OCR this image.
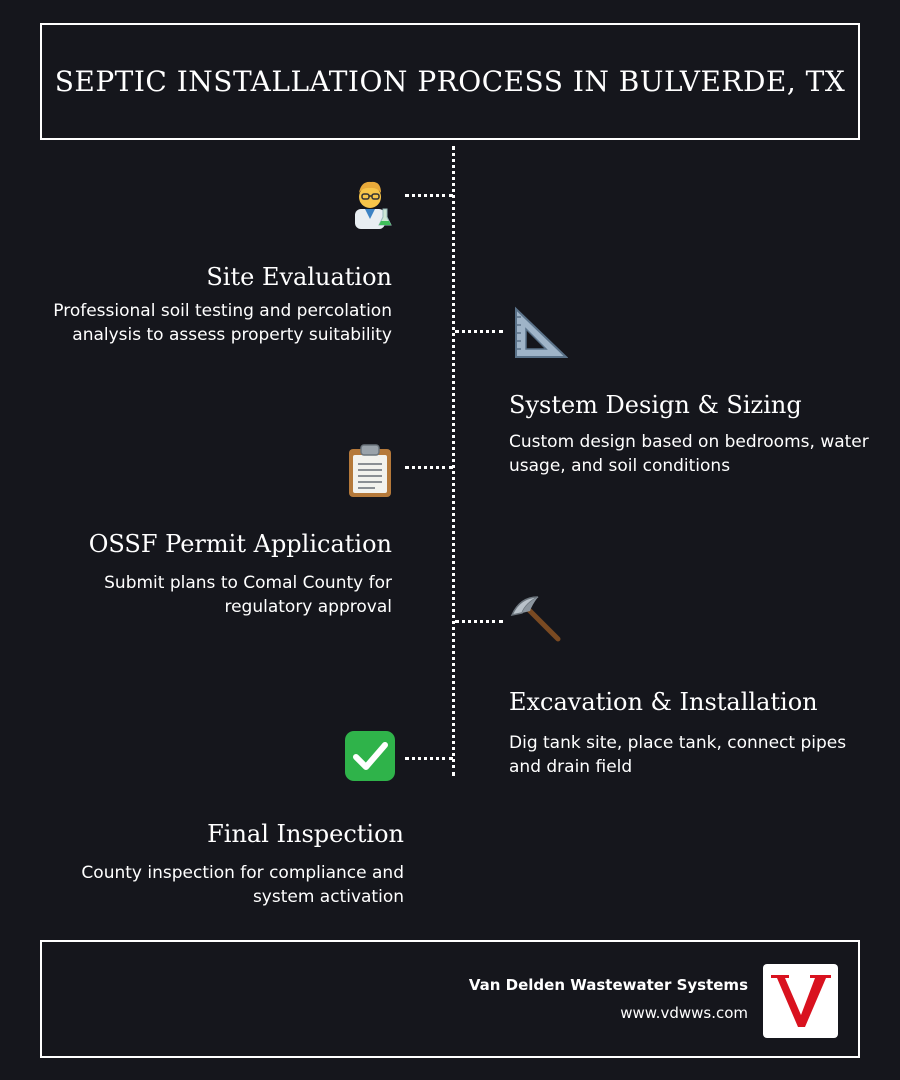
SEPTIC INSTALLATION PROCESS IN BULVERDE, TX
Site Evaluation
Professional soil testing and percolation analysis to assess property suitability
System Design & Sizing
Custom design based on bedrooms, water usage, and soil conditions
OSSF Permit Application
Submit plans to Comal County for regulatory approval
Excavation & Installation
Dig tank site, place tank, connect pipes and drain field
Final Inspection
County inspection for compliance and system activation
Van Delden Wastewater Systems
www.vdwws.com
